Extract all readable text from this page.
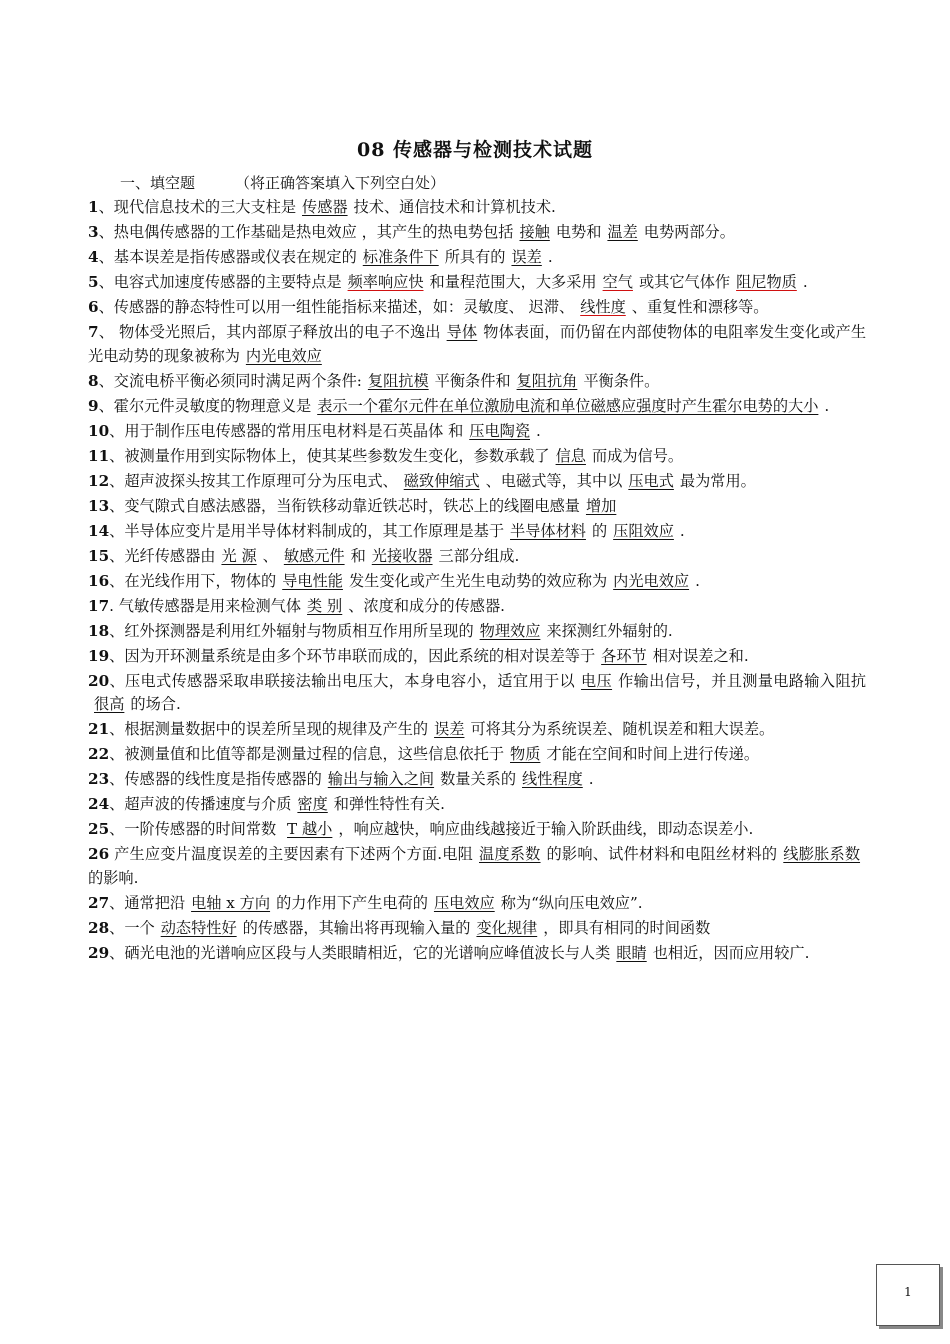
08 传感器与检测技术试题
一、填空题	（将正确答案填入下列空白处）
1、现代信息技术的三大支柱是 传感器 技术、通信技术和计算机技术.
3、热电偶传感器的工作基础是热电效应 ，其产生的热电势包括 接触 电势和 温差 电势两部分。
4、基本误差是指传感器或仪表在规定的 标准条件下 所具有的 误差 .
5、电容式加速度传感器的主要特点是 频率响应快 和量程范围大，大多采用 空气 或其它气体作 阻尼物质 .
6、传感器的静态特性可以用一组性能指标来描述，如：灵敏度、 迟滞、 线性度 、重复性和漂移等。
7、 物体受光照后，其内部原子释放出的电子不逸出 导体 物体表面，而仍留在内部使物体的电阻率发生变化或产生光电动势的现象被称为 内光电效应
8、交流电桥平衡必须同时满足两个条件: 复阻抗模 平衡条件和 复阻抗角 平衡条件。
9、霍尔元件灵敏度的物理意义是 表示一个霍尔元件在单位激励电流和单位磁感应强度时产生霍尔电势的大小 .
10、用于制作压电传感器的常用压电材料是石英晶体 和 压电陶瓷 .
11、被测量作用到实际物体上，使其某些参数发生变化，参数承载了 信息 而成为信号。
12、超声波探头按其工作原理可分为压电式、 磁致伸缩式 、电磁式等，其中以 压电式 最为常用。
13、变气隙式自感法感器，当衔铁移动靠近铁芯时，铁芯上的线圈电感量 增加
14、半导体应变片是用半导体材料制成的，其工作原理是基于 半导体材料 的 压阻效应 .
15、光纤传感器由 光 源 、 敏感元件 和 光接收器 三部分组成.
16、在光线作用下，物体的 导电性能 发生变化或产生光生电动势的效应称为 内光电效应 .
17. 气敏传感器是用来检测气体 类 别 、浓度和成分的传感器.
18、红外探测器是利用红外辐射与物质相互作用所呈现的 物理效应 来探测红外辐射的.
19、因为开环测量系统是由多个环节串联而成的，因此系统的相对误差等于 各环节 相对误差之和.
20、压电式传感器采取串联接法输出电压大，本身电容小，适宜用于以 电压 作输出信号，并且测量电路输入阻抗很高 的场合.
21、根据测量数据中的误差所呈现的规律及产生的 误差 可将其分为系统误差、随机误差和粗大误差。
22、被测量值和比值等都是测量过程的信息，这些信息依托于 物质 才能在空间和时间上进行传递。
23、传感器的线性度是指传感器的 输出与输入之间 数量关系的 线性程度 .
24、超声波的传播速度与介质 密度 和弹性特性有关.
25、一阶传感器的时间常数 T 越小 ，响应越快，响应曲线越接近于输入阶跃曲线，即动态误差小.
26 产生应变片温度误差的主要因素有下述两个方面.电阻 温度系数 的影响、试件材料和电阻丝材料的 线膨胀系数的影响.
27、通常把沿 电轴 x 方向 的力作用下产生电荷的 压电效应 称为“纵向压电效应”.
28、一个 动态特性好 的传感器，其输出将再现输入量的 变化规律 ，即具有相同的时间函数
29、硒光电池的光谱响应区段与人类眼睛相近，它的光谱响应峰值波长与人类 眼睛 也相近，因而应用较广.
1
